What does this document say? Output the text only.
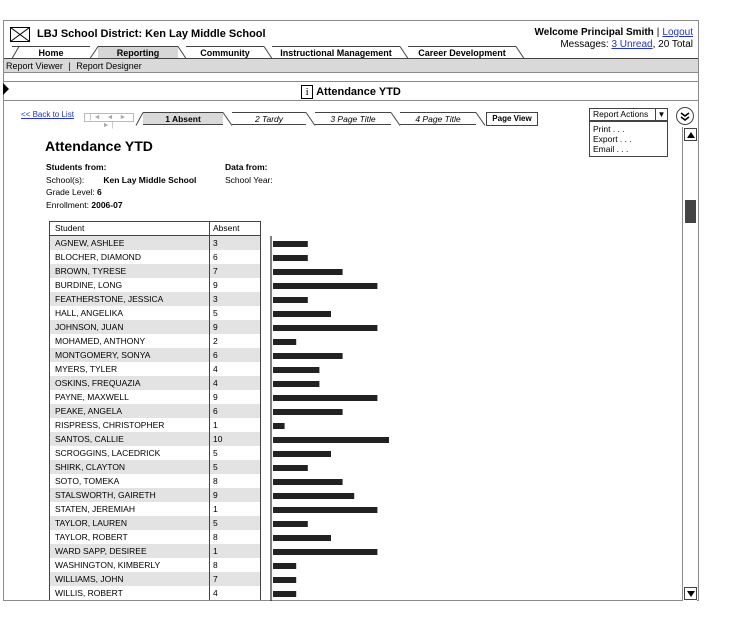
LBJ School District: Ken Lay Middle School	Welcome Principal Smith | Logout
Messages: 3 Unread, 20 Total
Home	Reporting	Community	Instructional Management	Career Development
Report Viewer | Report Designer
i Attendance YTD
<< Back to List	|◄ ◄ ► ►|
1 Absent	2 Tardy	3 Page Title	4 Page Title	Page View	Report Actions	▼
Print . . .
Export . . .
Email . . .
Attendance YTD
Students from:
School(s): Ken Lay Middle School
Grade Level: 6
Enrollment: 2006-07
Data from:
School Year:
Student	Absent
AGNEW, ASHLEE	3
BLOCHER, DIAMOND	6
BROWN, TYRESE	7
BURDINE, LONG	9
FEATHERSTONE, JESSICA	3
HALL, ANGELIKA	5
JOHNSON, JUAN	9
MOHAMED, ANTHONY	2
MONTGOMERY, SONYA	6
MYERS, TYLER	4
OSKINS, FREQUAZIA	4
PAYNE, MAXWELL	9
PEAKE, ANGELA	6
RISPRESS, CHRISTOPHER	1
SANTOS, CALLIE	10
SCROGGINS, LACEDRICK	5
SHIRK, CLAYTON	5
SOTO, TOMEKA	8
STALSWORTH, GAIRETH	9
STATEN, JEREMIAH	1
TAYLOR, LAUREN	5
TAYLOR, ROBERT	8
WARD SAPP, DESIREE	1
WASHINGTON, KIMBERLY	8
WILLIAMS, JOHN	7
WILLIS, ROBERT	4
